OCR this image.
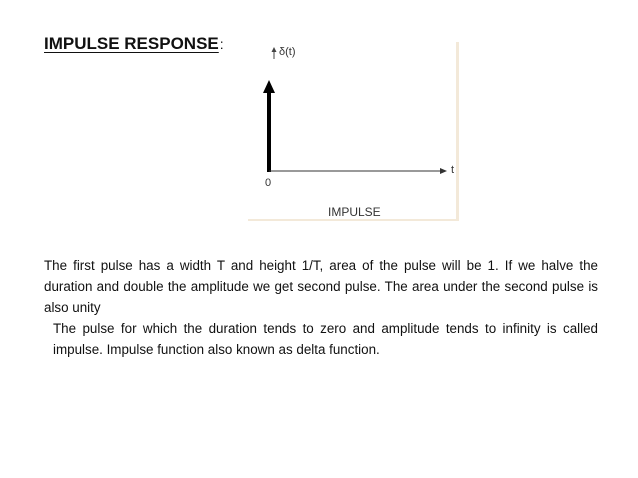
IMPULSE RESPONSE:	δ(t)
t
0
IMPULSE
The first pulse has a width T and height 1/T, area of the pulse will be 1. If we halve the duration and double the amplitude we get second pulse. The area under the second pulse is also unity
The pulse for which the duration tends to zero and amplitude tends to infinity is called impulse. Impulse function also known as delta function.
